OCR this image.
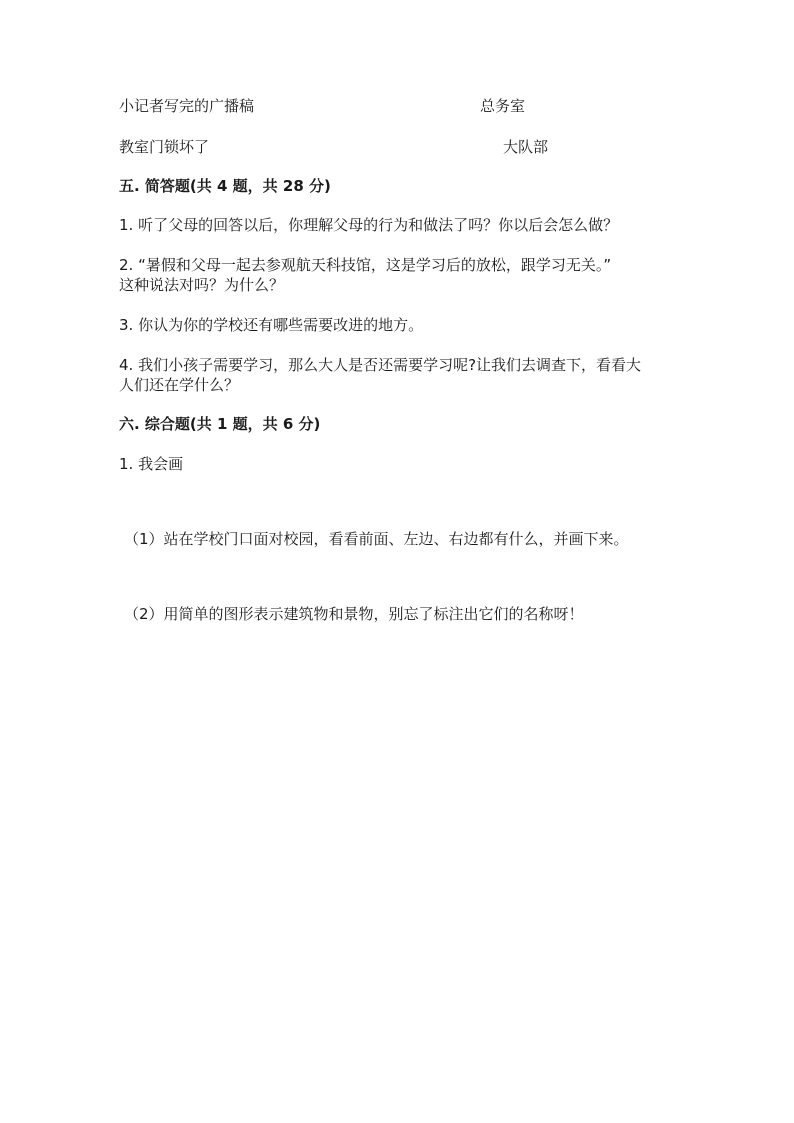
小记者写完的广播稿	总务室
教室门锁坏了	大队部
五. 简答题(共 4 题，共 28 分)
1. 听了父母的回答以后，你理解父母的行为和做法了吗？你以后会怎么做？
2. “暑假和父母一起去参观航天科技馆，这是学习后的放松，跟学习无关。”
这种说法对吗？为什么？
3. 你认为你的学校还有哪些需要改进的地方。
4. 我们小孩子需要学习，那么大人是否还需要学习呢?让我们去调查下，看看大
人们还在学什么？
六. 综合题(共 1 题，共 6 分)
1. 我会画
（1）站在学校门口面对校园，看看前面、左边、右边都有什么，并画下来。
（2）用简单的图形表示建筑物和景物，别忘了标注出它们的名称呀！
